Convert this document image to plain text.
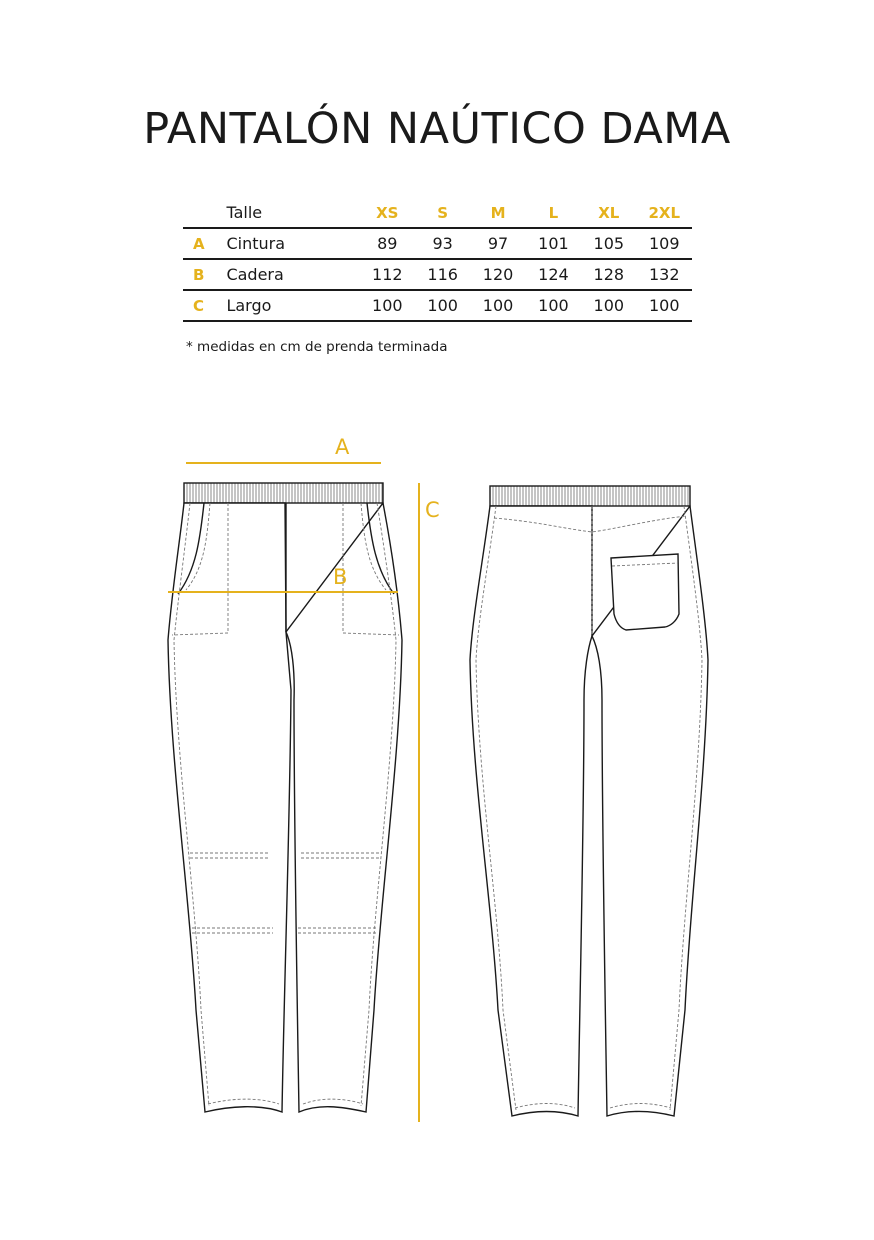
PANTALÓN NAÚTICO DAMA
	Talle	XS	S	M	L	XL	2XL
A	Cintura	89	93	97	101	105	109
B	Cadera	112	116	120	124	128	132
C	Largo	100	100	100	100	100	100
* medidas en cm de prenda terminada
A
B
C
